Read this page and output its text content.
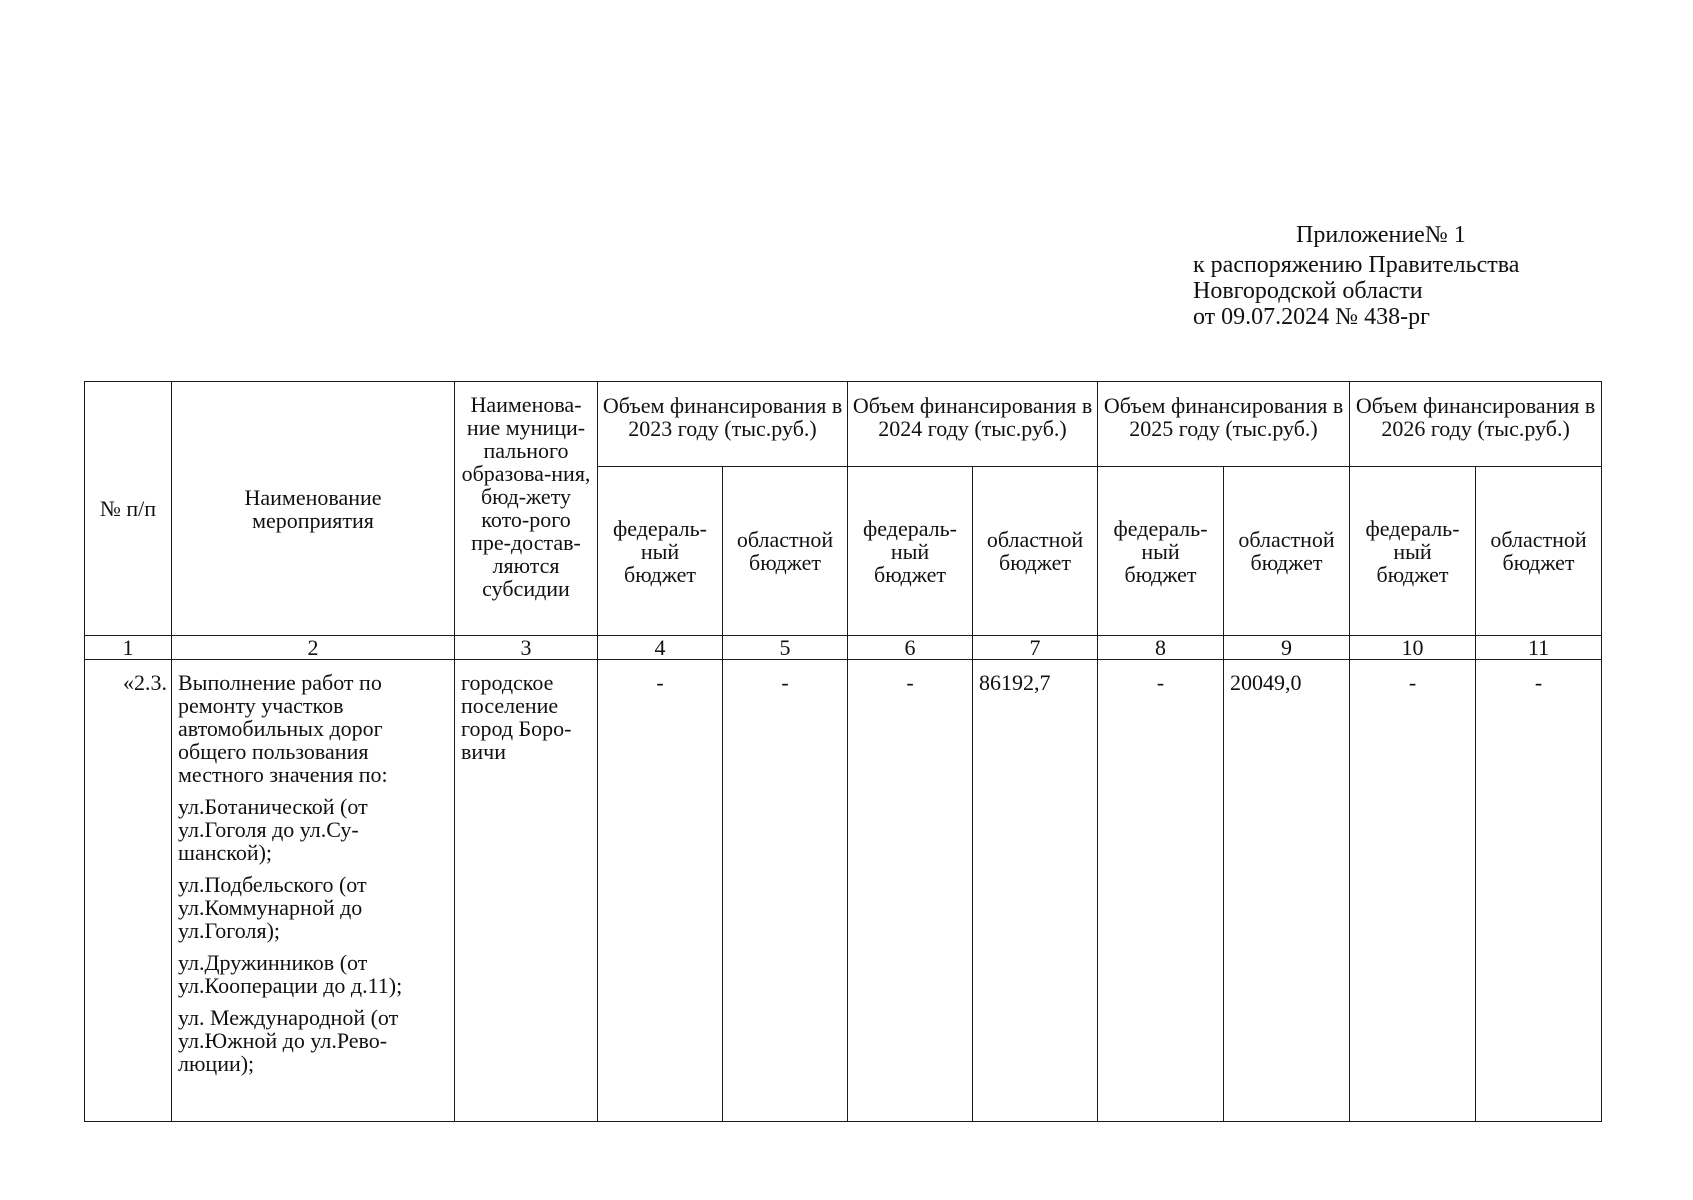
Приложение№ 1
к распоряжению Правительства
Новгородской области
от 09.07.2024 № 438-рг
№ п/п	Наименование мероприятия	Наименова-ние муници-пального образова-ния, бюд-жету кото-рого пре-достав-ляются субсидии	Объем финансирования в 2023 году (тыс.руб.)		Объем финансирования в 2024 году (тыс.руб.)		Объем финансирования в 2025 году (тыс.руб.)		Объем финансирования в 2026 году (тыс.руб.)	
			федераль-ный бюджет	областной бюджет	федераль-ный бюджет	областной бюджет	федераль-ный бюджет	областной бюджет	федераль-ный бюджет	областной бюджет
1	2	3	4	5	6	7	8	9	10	11
«2.3.	Выполнение работ по ремонту участков автомобильных дорог общего пользования местного значения по:
ул.Ботанической (от ул.Гоголя до ул.Су-шанской);
ул.Подбельского (от ул.Коммунарной до ул.Гоголя);
ул.Дружинников (от ул.Кооперации до д.11);
ул. Международной (от ул.Южной до ул.Рево-люции);	городское поселение город Боро-вичи	-	-	-	86192,7	-	20049,0	-	-
